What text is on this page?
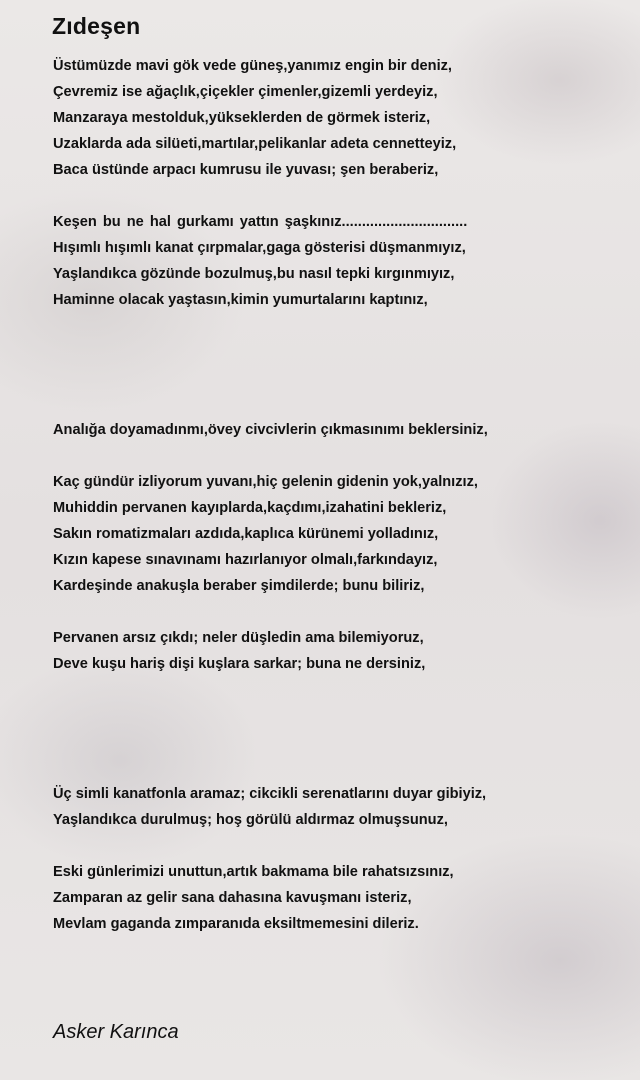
Zıdeşen
Üstümüzde mavi gök vede güneş,yanımız engin bir deniz,
Çevremiz ise ağaçlık,çiçekler çimenler,gizemli yerdeyiz,
Manzaraya mestolduk,yükseklerden de görmek isteriz,
Uzaklarda ada silüeti,martılar,pelikanlar adeta cennetteyiz,
Baca üstünde arpacı kumrusu ile yuvası; şen beraberiz,
Keşen bu ne hal gurkamı yattın şaşkınız...............................
Hışımlı hışımlı kanat çırpmalar,gaga gösterisi düşmanmıyız,
Yaşlandıkca gözünde bozulmuş,bu nasıl tepki kırgınmıyız,
Haminne olacak yaştasın,kimin yumurtalarını kaptınız,
Analığa doyamadınmı,övey civcivlerin çıkmasınımı beklersiniz,
Kaç gündür izliyorum yuvanı,hiç gelenin gidenin yok,yalnızız,
Muhiddin pervanen kayıplarda,kaçdımı,izahatini bekleriz,
Sakın romatizmaları azdıda,kaplıca kürünemi yolladınız,
Kızın kapese sınavınamı hazırlanıyor olmalı,farkındayız,
Kardeşinde anakuşla beraber şimdilerde; bunu biliriz,
Pervanen arsız çıkdı; neler düşledin ama bilemiyoruz,
Deve kuşu hariş dişi kuşlara sarkar; buna ne dersiniz,
Üç simli kanatfonla aramaz; cikcikli serenatlarını duyar gibiyiz,
Yaşlandıkca durulmuş; hoş görülü aldırmaz olmuşsunuz,
Eski günlerimizi unuttun,artık bakmama bile rahatsızsınız,
Zamparan az gelir sana dahasına kavuşmanı isteriz,
Mevlam gaganda zımparanıda eksiltmemesini dileriz.
Asker Karınca
